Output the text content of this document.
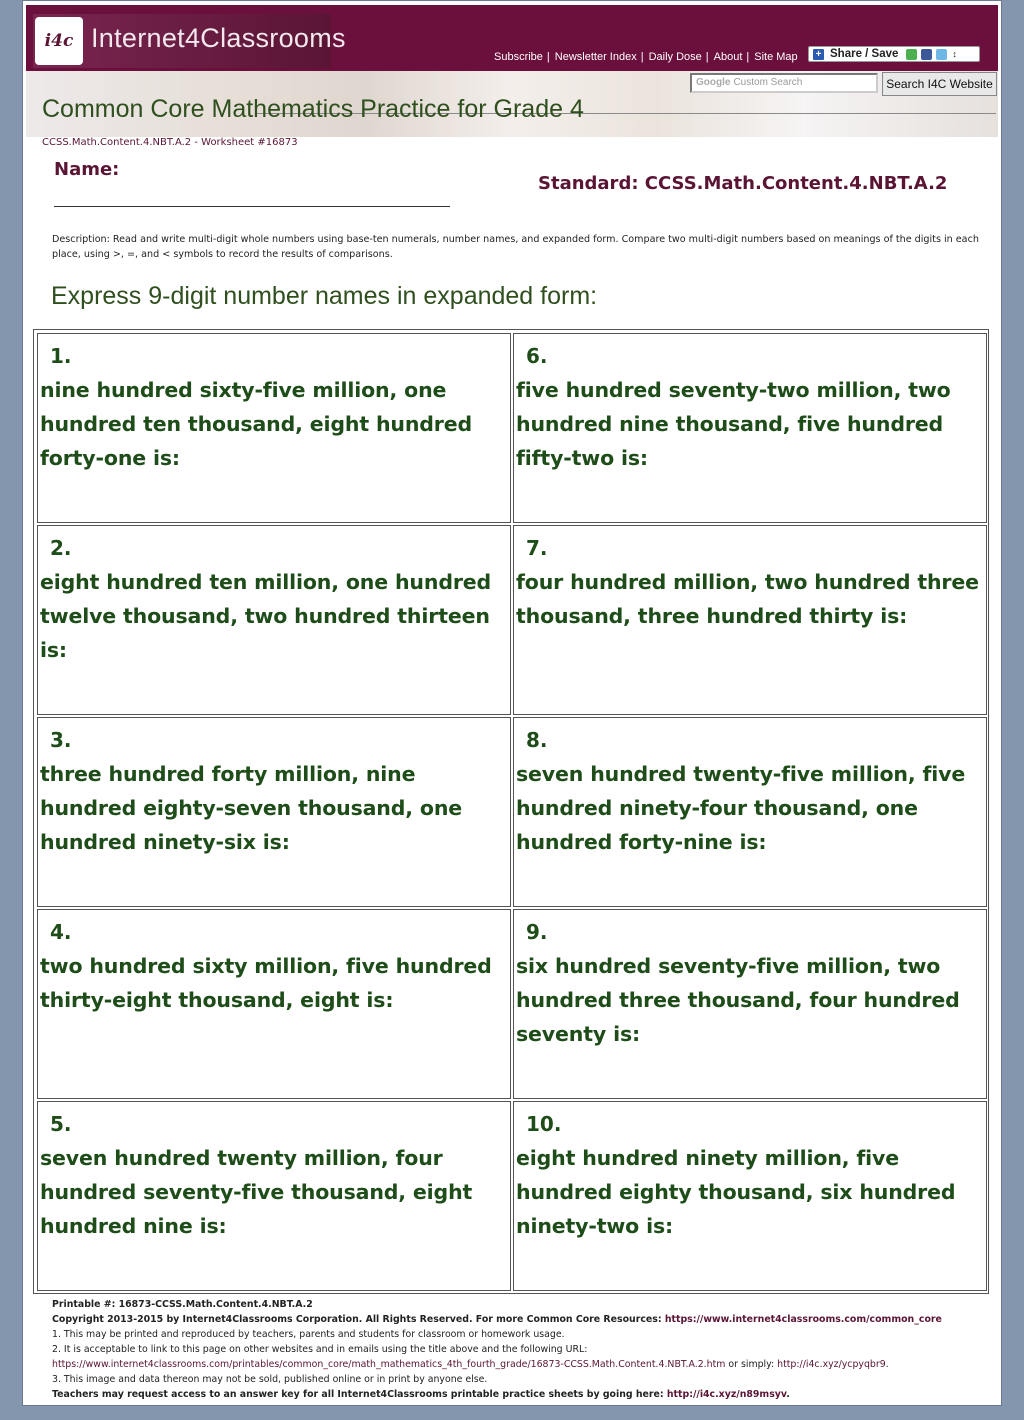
i4c Internet4Classrooms
Subscribe | Newsletter Index | Daily Dose | About | Site Map + Share / Save	↕
Google Custom Search	Search I4C Website
Common Core Mathematics Practice for Grade 4
CCSS.Math.Content.4.NBT.A.2 - Worksheet #16873
Name:
Standard: CCSS.Math.Content.4.NBT.A.2
Description: Read and write multi-digit whole numbers using base-ten numerals, number names, and expanded form. Compare two multi-digit numbers based on meanings of the digits in each place, using >, =, and < symbols to record the results of comparisons.
Express 9-digit number names in expanded form:
1.
nine hundred sixty-five million, one hundred ten thousand, eight hundred forty-one is:
6.
five hundred seventy-two million, two hundred nine thousand, five hundred fifty-two is:
2.
eight hundred ten million, one hundred twelve thousand, two hundred thirteen is:
7.
four hundred million, two hundred three thousand, three hundred thirty is:
3.
three hundred forty million, nine hundred eighty-seven thousand, one hundred ninety-six is:
8.
seven hundred twenty-five million, five hundred ninety-four thousand, one hundred forty-nine is:
4.
two hundred sixty million, five hundred thirty-eight thousand, eight is:
9.
six hundred seventy-five million, two hundred three thousand, four hundred seventy is:
5.
seven hundred twenty million, four hundred seventy-five thousand, eight hundred nine is:
10.
eight hundred ninety million, five hundred eighty thousand, six hundred ninety-two is:
Printable #: 16873-CCSS.Math.Content.4.NBT.A.2
Copyright 2013-2015 by Internet4Classrooms Corporation. All Rights Reserved. For more Common Core Resources: https://www.internet4classrooms.com/common_core
1. This may be printed and reproduced by teachers, parents and students for classroom or homework usage.
2. It is acceptable to link to this page on other websites and in emails using the title above and the following URL:
https://www.internet4classrooms.com/printables/common_core/math_mathematics_4th_fourth_grade/16873-CCSS.Math.Content.4.NBT.A.2.htm or simply: http://i4c.xyz/ycpyqbr9.
3. This image and data thereon may not be sold, published online or in print by anyone else.
Teachers may request access to an answer key for all Internet4Classrooms printable practice sheets by going here: http://i4c.xyz/n89msyv.
